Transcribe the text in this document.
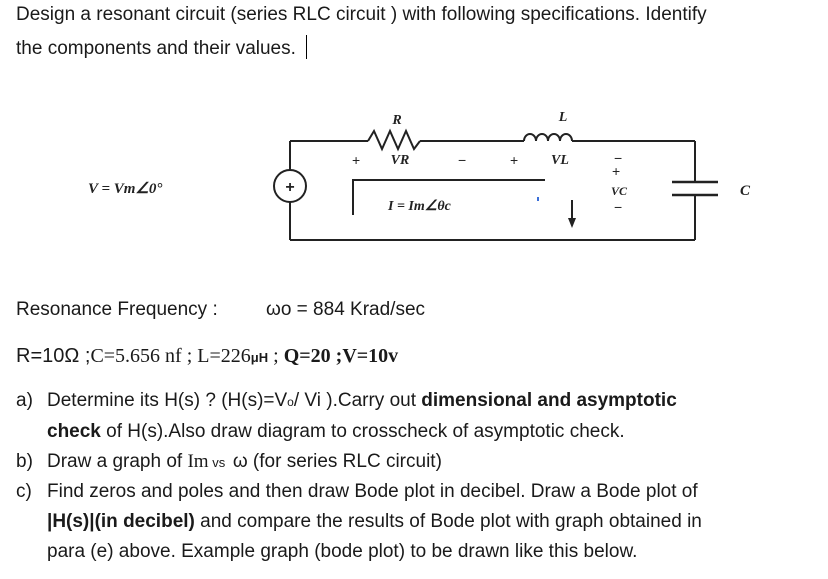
Design a resonant circuit (series RLC circuit ) with following specifications. Identify
the components and their values.
+
+	−	+	−
+
−
R
VR
L
VL
V = Vm∠0°
I = Im∠θc
VC	C
Resonance Frequency :	ωo = 884 Krad/sec
R=10Ω ;C=5.656 nf ; L=226μH ; Q=20 ;V=10v
a) Determine its H(s) ? (H(s)=Vo/ Vi ).Carry out dimensional and asymptotic
check of H(s).Also draw diagram to crosscheck of asymptotic check.
b) Draw a graph of Im vs ω (for series RLC circuit)
c) Find zeros and poles and then draw Bode plot in decibel. Draw a Bode plot of
|H(s)|(in decibel) and compare the results of Bode plot with graph obtained in
para (e) above. Example graph (bode plot) to be drawn like this below.
